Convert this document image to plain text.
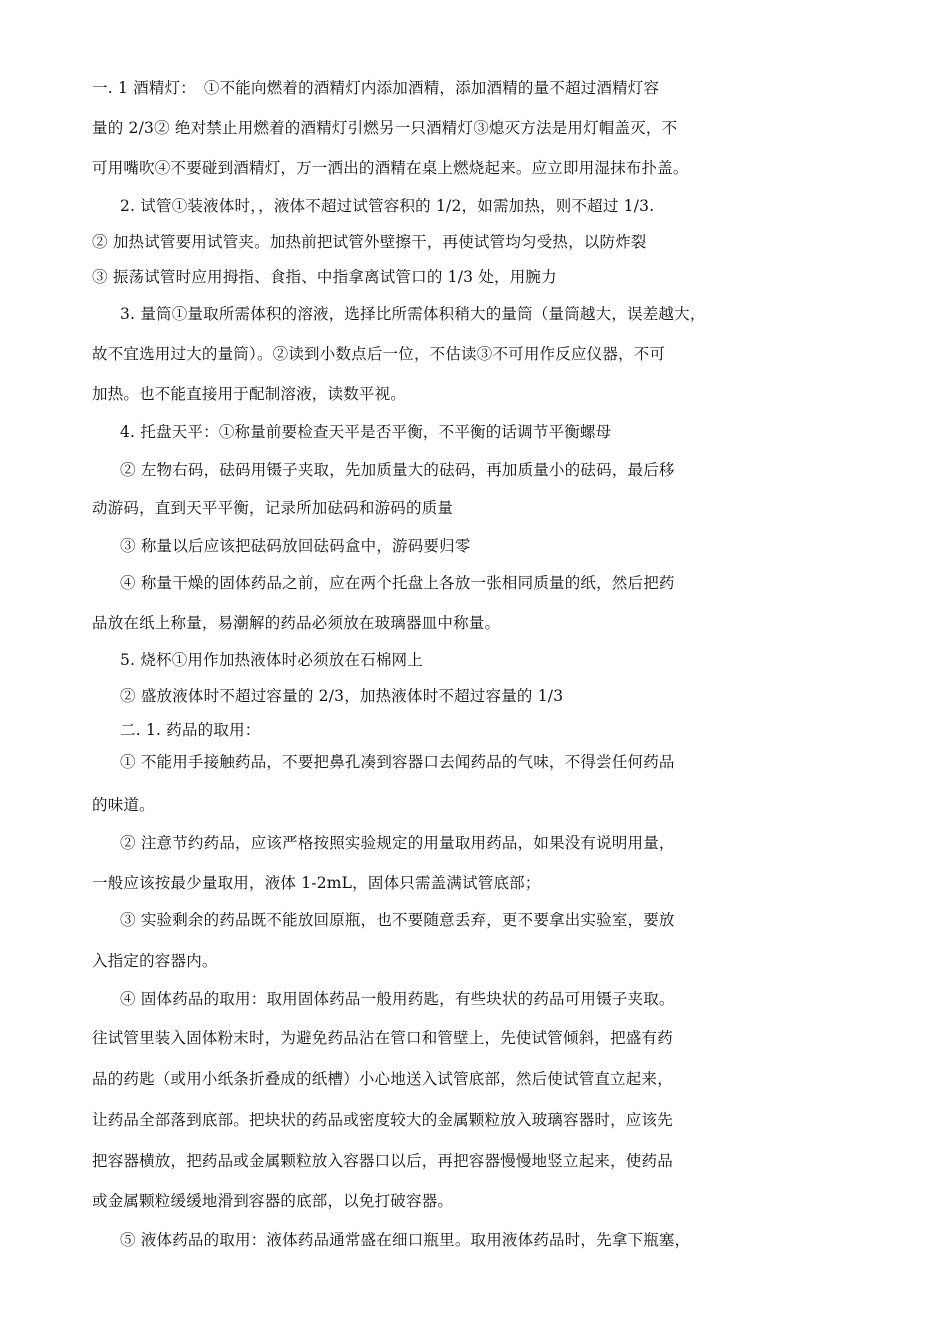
一. 1 酒精灯：　①不能向燃着的酒精灯内添加酒精，添加酒精的量不超过酒精灯容
量的 2/3② 绝对禁止用燃着的酒精灯引燃另一只酒精灯③熄灭方法是用灯帽盖灭，不
可用嘴吹④不要碰到酒精灯，万一洒出的酒精在桌上燃烧起来。应立即用湿抹布扑盖。
2. 试管①装液体时，，液体不超过试管容积的 1/2，如需加热，则不超过 1/3.
② 加热试管要用试管夹。加热前把试管外壁擦干，再使试管均匀受热，以防炸裂
③ 振荡试管时应用拇指、食指、中指拿离试管口的 1/3 处，用腕力
3. 量筒①量取所需体积的溶液，选择比所需体积稍大的量筒（量筒越大，误差越大，
故不宜选用过大的量筒）。②读到小数点后一位，不估读③不可用作反应仪器，不可
加热。也不能直接用于配制溶液，读数平视。
4. 托盘天平：①称量前要检查天平是否平衡，不平衡的话调节平衡螺母
② 左物右码，砝码用镊子夹取，先加质量大的砝码，再加质量小的砝码，最后移
动游码，直到天平平衡，记录所加砝码和游码的质量
③ 称量以后应该把砝码放回砝码盒中，游码要归零
④ 称量干燥的固体药品之前，应在两个托盘上各放一张相同质量的纸，然后把药
品放在纸上称量，易潮解的药品必须放在玻璃器皿中称量。
5. 烧杯①用作加热液体时必须放在石棉网上
② 盛放液体时不超过容量的 2/3，加热液体时不超过容量的 1/3
二. 1. 药品的取用：
① 不能用手接触药品，不要把鼻孔凑到容器口去闻药品的气味，不得尝任何药品
的味道。
② 注意节约药品，应该严格按照实验规定的用量取用药品，如果没有说明用量，
一般应该按最少量取用，液体 1-2mL，固体只需盖满试管底部；
③ 实验剩余的药品既不能放回原瓶，也不要随意丢弃，更不要拿出实验室，要放
入指定的容器内。
④ 固体药品的取用：取用固体药品一般用药匙，有些块状的药品可用镊子夹取。
往试管里装入固体粉末时，为避免药品沾在管口和管壁上，先使试管倾斜，把盛有药
品的药匙（或用小纸条折叠成的纸槽）小心地送入试管底部，然后使试管直立起来，
让药品全部落到底部。把块状的药品或密度较大的金属颗粒放入玻璃容器时，应该先
把容器横放，把药品或金属颗粒放入容器口以后，再把容器慢慢地竖立起来，使药品
或金属颗粒缓缓地滑到容器的底部，以免打破容器。
⑤ 液体药品的取用：液体药品通常盛在细口瓶里。取用液体药品时，先拿下瓶塞，
